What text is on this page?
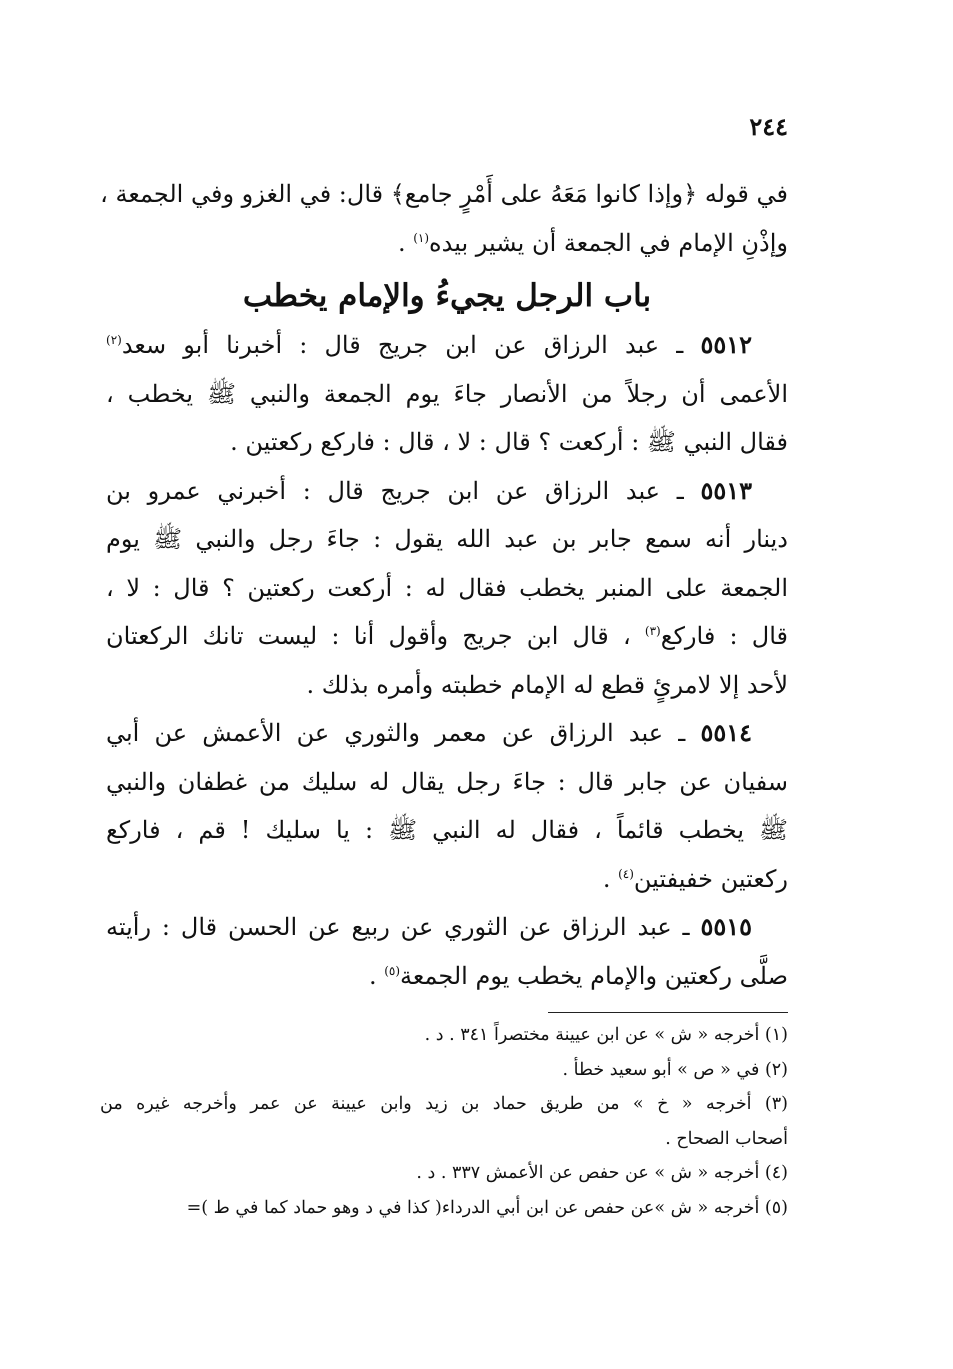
٢٤٤
في قوله ﴿وإذا كانوا مَعَهُ على أَمْرٍ جامع﴾ قال: في الغزو وفي الجمعة ،
وإذْنِ الإمام في الجمعة أن يشير بيده$^{(١)}$ .
باب الرجل يجيءُ والإمام يخطب
٥٥١٢ ـ عبد الرزاق عن ابن جريج قال : أخبرنا أبو سعد$^{(٢)}$
الأعمى أن رجلاً من الأنصار جاءَ يوم الجمعة والنبي ﷺ يخطب ،
فقال النبي ﷺ : أركعت ؟ قال : لا ، قال : فاركع ركعتين .
٥٥١٣ ـ عبد الرزاق عن ابن جريج قال : أخبرني عمرو بن
دينار أنه سمع جابر بن عبد الله يقول : جاءَ رجل والنبي ﷺ يوم
الجمعة على المنبر يخطب فقال له : أركعت ركعتين ؟ قال : لا ،
قال : فاركع$^{(٣)}$ ، قال ابن جريج وأقول أنا : ليست تانك الركعتان
لأحد إلا لامرئٍ قطع له الإمام خطبته وأمره بذلك .
٥٥١٤ ـ عبد الرزاق عن معمر والثوري عن الأعمش عن أبي
سفيان عن جابر قال : جاءَ رجل يقال له سليك من غطفان والنبي
ﷺ يخطب قائماً ، فقال له النبي ﷺ : يا سليك ! قم ، فاركع
ركعتين خفيفتين$^{(٤)}$ .
٥٥١٥ ـ عبد الرزاق عن الثوري عن ربيع عن الحسن قال : رأيته
صلَّى ركعتين والإمام يخطب يوم الجمعة$^{(٥)}$ .
(١) أخرجه « ش » عن ابن عيينة مختصراً ٣٤١ . د .
(٢) في « ص » أبو سعيد خطأ .
(٣) أخرجه « خ » من طريق حماد بن زيد وابن عيينة عن عمر وأخرجه غيره من
أصحاب الصحاح .
(٤) أخرجه « ش » عن حفص عن الأعمش ٣٣٧ . د .
(٥) أخرجه « ش »عن حفص عن ابن أبي الدرداء( كذا في د وهو حماد كما في ط )=
